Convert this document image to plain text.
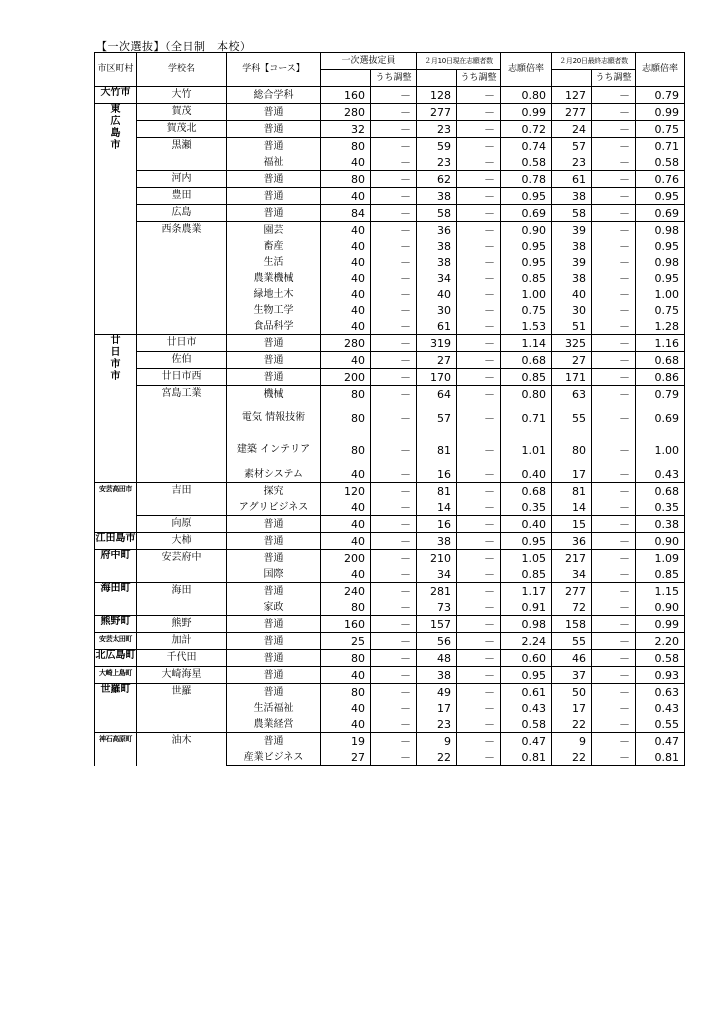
【一次選抜】（全日制　本校）
市区町村	学校名	学科【コース】	一次選抜定員		２月10日現在志願者数		志願倍率	２月20日最終志願者数		志願倍率
				うち調整		うち調整			うち調整	
大竹市	大竹	総合学科	160	－	128	－	0.80	127	－	0.79
東広島市	賀茂	普通	280	－	277	－	0.99	277	－	0.99
	賀茂北	普通	32	－	23	－	0.72	24	－	0.75
	黒瀬	普通	80	－	59	－	0.74	57	－	0.71
		福祉	40	－	23	－	0.58	23	－	0.58
	河内	普通	80	－	62	－	0.78	61	－	0.76
	豊田	普通	40	－	38	－	0.95	38	－	0.95
	広島	普通	84	－	58	－	0.69	58	－	0.69
	西条農業	園芸	40	－	36	－	0.90	39	－	0.98
		畜産	40	－	38	－	0.95	38	－	0.95
		生活	40	－	38	－	0.95	39	－	0.98
		農業機械	40	－	34	－	0.85	38	－	0.95
		緑地土木	40	－	40	－	1.00	40	－	1.00
		生物工学	40	－	30	－	0.75	30	－	0.75
		食品科学	40	－	61	－	1.53	51	－	1.28
廿日市市	廿日市	普通	280	－	319	－	1.14	325	－	1.16
	佐伯	普通	40	－	27	－	0.68	27	－	0.68
	廿日市西	普通	200	－	170	－	0.85	171	－	0.86
	宮島工業	機械	80	－	64	－	0.80	63	－	0.79
		電気 情報技術	80	－	57	－	0.71	55	－	0.69
		建築 インテリア	80	－	81	－	1.01	80	－	1.00
		素材システム	40	－	16	－	0.40	17	－	0.43
安芸高田市	吉田	探究	120	－	81	－	0.68	81	－	0.68
		アグリビジネス	40	－	14	－	0.35	14	－	0.35
	向原	普通	40	－	16	－	0.40	15	－	0.38
江田島市	大柿	普通	40	－	38	－	0.95	36	－	0.90
府中町	安芸府中	普通	200	－	210	－	1.05	217	－	1.09
		国際	40	－	34	－	0.85	34	－	0.85
海田町	海田	普通	240	－	281	－	1.17	277	－	1.15
		家政	80	－	73	－	0.91	72	－	0.90
熊野町	熊野	普通	160	－	157	－	0.98	158	－	0.99
安芸太田町	加計	普通	25	－	56	－	2.24	55	－	2.20
北広島町	千代田	普通	80	－	48	－	0.60	46	－	0.58
大崎上島町	大崎海星	普通	40	－	38	－	0.95	37	－	0.93
世羅町	世羅	普通	80	－	49	－	0.61	50	－	0.63
		生活福祉	40	－	17	－	0.43	17	－	0.43
		農業経営	40	－	23	－	0.58	22	－	0.55
神石高原町	油木	普通	19	－	9	－	0.47	9	－	0.47
		産業ビジネス	27	－	22	－	0.81	22	－	0.81
